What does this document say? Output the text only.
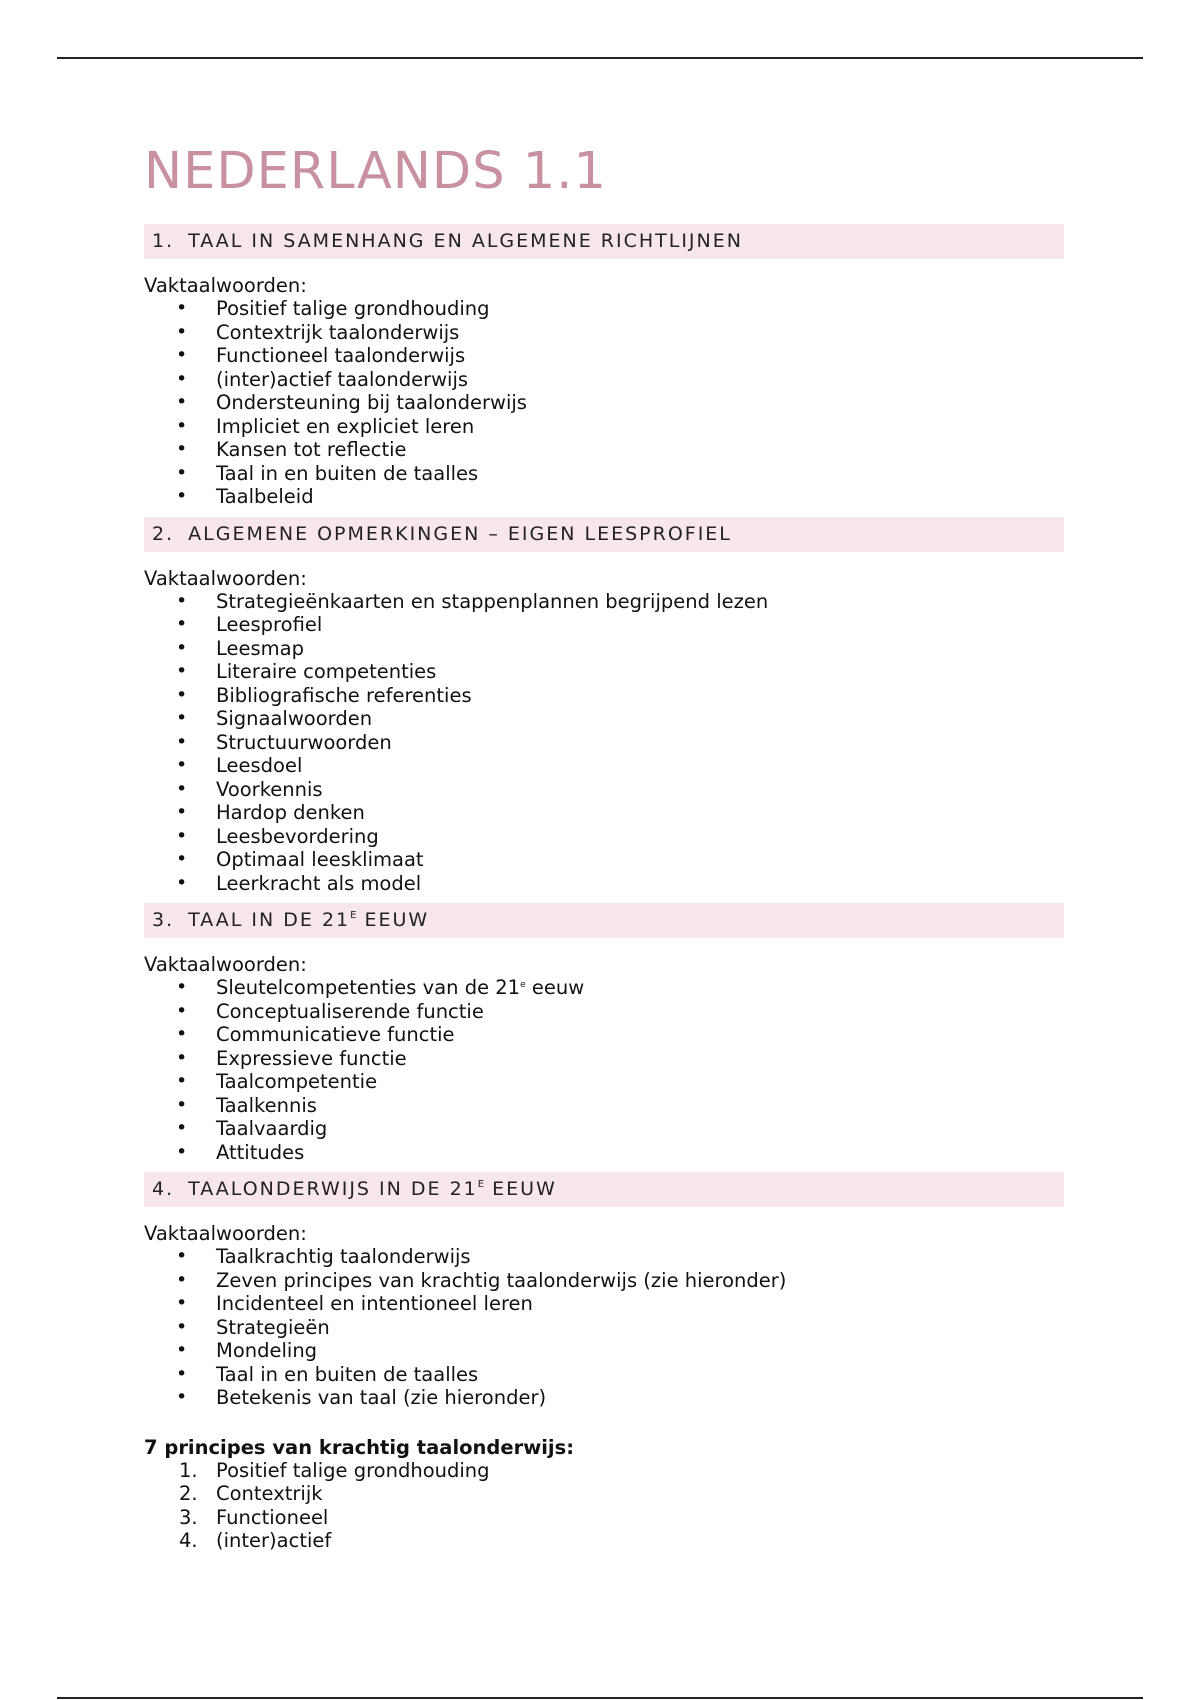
NEDERLANDS 1.1
1. TAAL IN SAMENHANG EN ALGEMENE RICHTLIJNEN
Vaktaalwoorden:
• Positief talige grondhouding
• Contextrijk taalonderwijs
• Functioneel taalonderwijs
• (inter)actief taalonderwijs
• Ondersteuning bij taalonderwijs
• Impliciet en expliciet leren
• Kansen tot reflectie
• Taal in en buiten de taalles
• Taalbeleid
2. ALGEMENE OPMERKINGEN – EIGEN LEESPROFIEL
Vaktaalwoorden:
• Strategieënkaarten en stappenplannen begrijpend lezen
• Leesprofiel
• Leesmap
• Literaire competenties
• Bibliografische referenties
• Signaalwoorden
• Structuurwoorden
• Leesdoel
• Voorkennis
• Hardop denken
• Leesbevordering
• Optimaal leesklimaat
• Leerkracht als model
3. TAAL IN DE $21^E$ EEUW
Vaktaalwoorden:
• Sleutelcompetenties van de 21e eeuw
• Conceptualiserende functie
• Communicatieve functie
• Expressieve functie
• Taalcompetentie
• Taalkennis
• Taalvaardig
• Attitudes
4. TAALONDERWIJS IN DE $21^E$ EEUW
Vaktaalwoorden:
• Taalkrachtig taalonderwijs
• Zeven principes van krachtig taalonderwijs (zie hieronder)
• Incidenteel en intentioneel leren
• Strategieën
• Mondeling
• Taal in en buiten de taalles
• Betekenis van taal (zie hieronder)
7 principes van krachtig taalonderwijs:
1. Positief talige grondhouding
2. Contextrijk
3. Functioneel
4. (inter)actief
